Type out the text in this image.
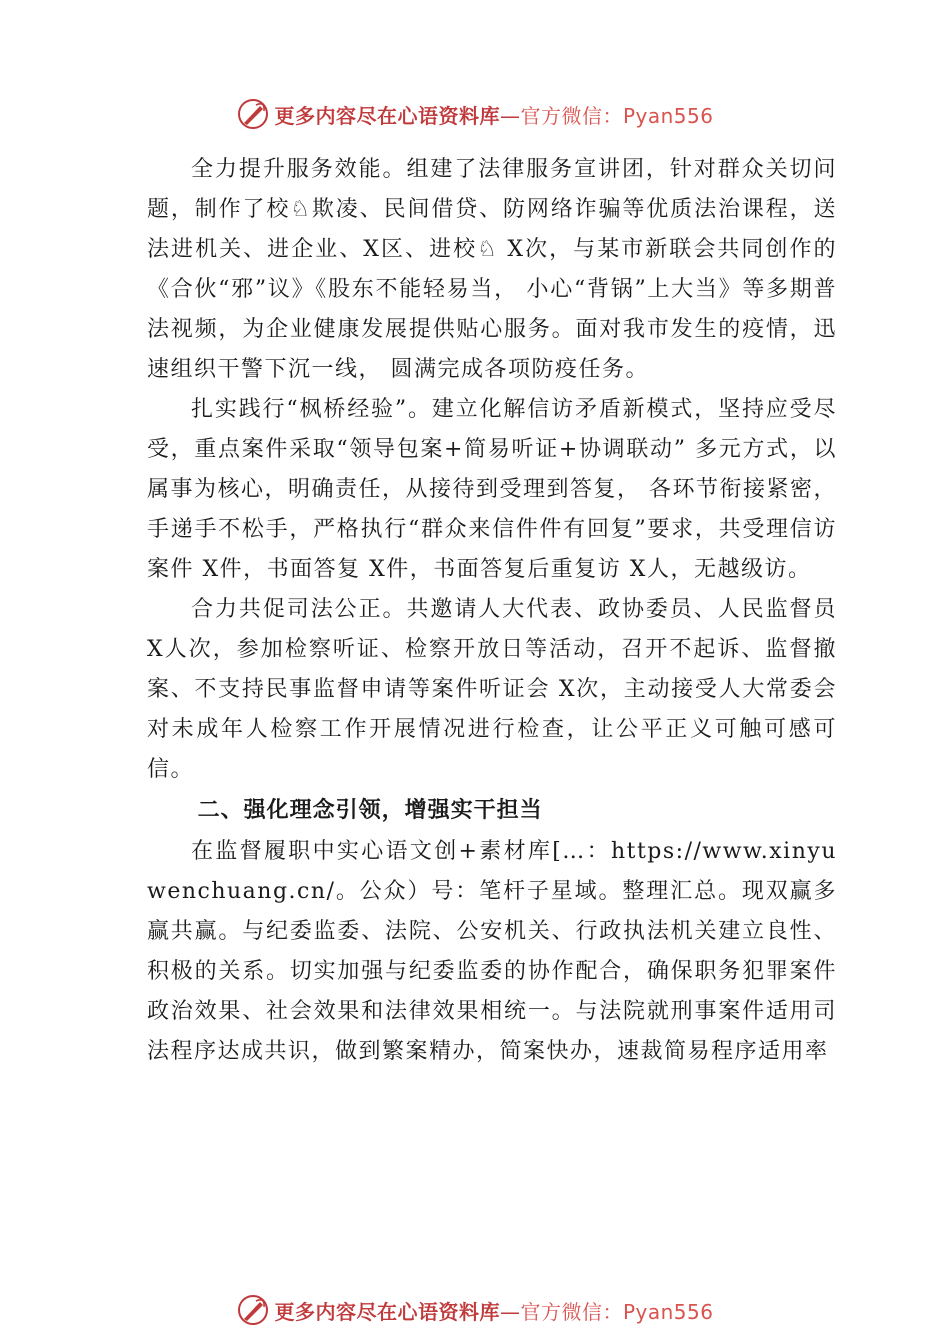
更多内容尽在心语资料库—官方微信：Pyan556

全力提升服务效能。组建了法律服务宣讲团，针对群众关切问题，制作了校♘欺凌、民间借贷、防网络诈骗等优质法治课程，送法进机关、进企业、X区、进校♘ X次，与某市新联会共同创作的《合伙“邪”议》《股东不能轻易当， 小心“背锅”上大当》等多期普法视频，为企业健康发展提供贴心服务。面对我市发生的疫情，迅速组织干警下沉一线， 圆满完成各项防疫任务。

扎实践行“枫桥经验”。建立化解信访矛盾新模式，坚持应受尽受，重点案件采取“领导包案+简易听证+协调联动” 多元方式，以属事为核心，明确责任，从接待到受理到答复， 各环节衔接紧密，手递手不松手，严格执行“群众来信件件有回复”要求，共受理信访案件 X件，书面答复 X件，书面答复后重复访 X人，无越级访。

合力共促司法公正。共邀请人大代表、政协委员、人民监督员 X人次，参加检察听证、检察开放日等活动，召开不起诉、监督撤案、不支持民事监督申请等案件听证会 X次，主动接受人大常委会对未成年人检察工作开展情况进行检查，让公平正义可触可感可信。

二、强化理念引领，增强实干担当

在监督履职中实心语文创+素材库[…：https://www.xinyuwenchuang.cn/。公众）号：笔杆子星域。整理汇总。现双赢多赢共赢。与纪委监委、法院、公安机关、行政执法机关建立良性、积极的关系。切实加强与纪委监委的协作配合，确保职务犯罪案件政治效果、社会效果和法律效果相统一。与法院就刑事案件适用司法程序达成共识，做到繁案精办，简案快办，速裁简易程序适用率

更多内容尽在心语资料库—官方微信：Pyan556
